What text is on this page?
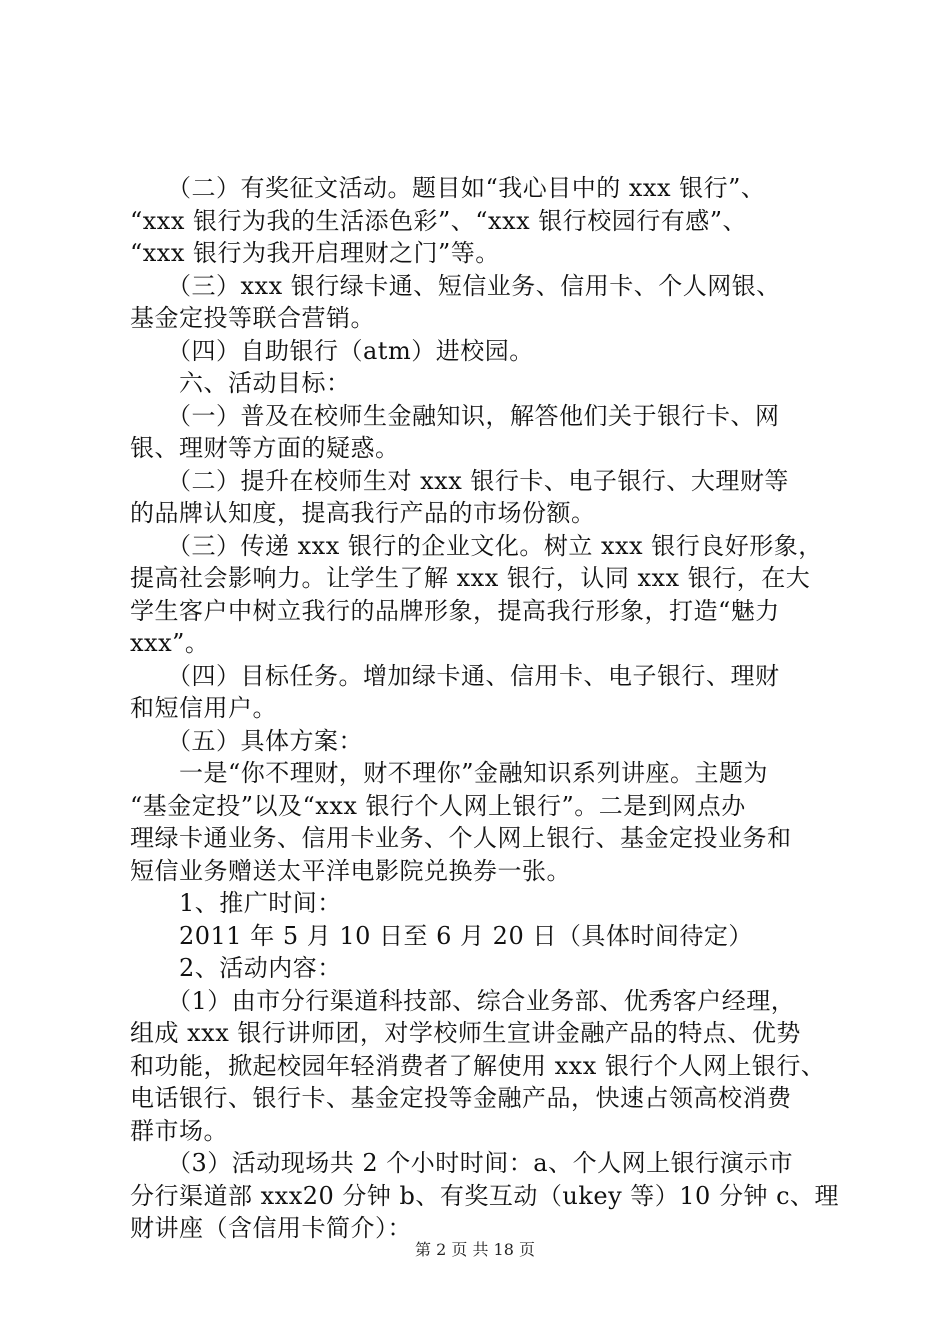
　　（二）有奖征文活动。题目如“我心目中的 xxx 银行”、
“xxx 银行为我的生活添色彩”、“xxx 银行校园行有感”、
“xxx 银行为我开启理财之门”等。
　　（三）xxx 银行绿卡通、短信业务、信用卡、个人网银、
基金定投等联合营销。
　　（四）自助银行（atm）进校园。
　　六、活动目标：
　　（一）普及在校师生金融知识，解答他们关于银行卡、网
银、理财等方面的疑惑。
　　（二）提升在校师生对 xxx 银行卡、电子银行、大理财等
的品牌认知度，提高我行产品的市场份额。
　　（三）传递 xxx 银行的企业文化。树立 xxx 银行良好形象，
提高社会影响力。让学生了解 xxx 银行，认同 xxx 银行，在大
学生客户中树立我行的品牌形象，提高我行形象，打造“魅力
xxx”。
　　（四）目标任务。增加绿卡通、信用卡、电子银行、理财
和短信用户。
　　（五）具体方案：
　　一是“你不理财，财不理你”金融知识系列讲座。主题为
“基金定投”以及“xxx 银行个人网上银行”。二是到网点办
理绿卡通业务、信用卡业务、个人网上银行、基金定投业务和
短信业务赠送太平洋电影院兑换券一张。
　　1、推广时间：
　　2011 年 5 月 10 日至 6 月 20 日（具体时间待定）
　　2、活动内容：
　　（1）由市分行渠道科技部、综合业务部、优秀客户经理，
组成 xxx 银行讲师团，对学校师生宣讲金融产品的特点、优势
和功能，掀起校园年轻消费者了解使用 xxx 银行个人网上银行、
电话银行、银行卡、基金定投等金融产品，快速占领高校消费
群市场。
　　（3）活动现场共 2 个小时时间：a、个人网上银行演示市
分行渠道部 xxx20 分钟 b、有奖互动（ukey 等）10 分钟 c、理
财讲座（含信用卡简介）：
第 2 页 共 18 页
